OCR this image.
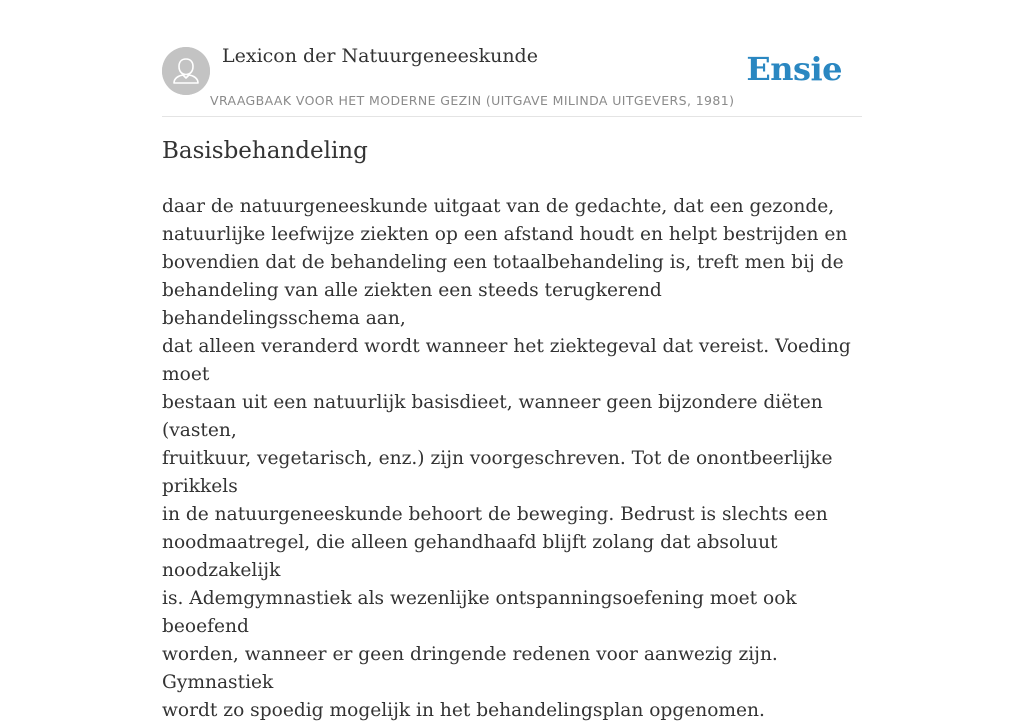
Lexicon der Natuurgeneeskunde
VRAAGBAAK VOOR HET MODERNE GEZIN (UITGAVE MILINDA UITGEVERS, 1981)
Ensie
Basisbehandeling

daar de natuurgeneeskunde uitgaat van de gedachte, dat een gezonde,
natuurlijke leefwijze ziekten op een afstand houdt en helpt bestrijden en
bovendien dat de behandeling een totaalbehandeling is, treft men bij de
behandeling van alle ziekten een steeds terugkerend behandelingsschema aan,
dat alleen veranderd wordt wanneer het ziektegeval dat vereist. Voeding moet
bestaan uit een natuurlijk basisdieet, wanneer geen bijzondere diëten (vasten,
fruitkuur, vegetarisch, enz.) zijn voorgeschreven. Tot de onontbeerlijke prikkels
in de natuurgeneeskunde behoort de beweging. Bedrust is slechts een
noodmaatregel, die alleen gehandhaafd blijft zolang dat absoluut noodzakelijk
is. Ademgymnastiek als wezenlijke ontspanningsoefening moet ook beoefend
worden, wanneer er geen dringende redenen voor aanwezig zijn. Gymnastiek
wordt zo spoedig mogelijk in het behandelingsplan opgenomen.
